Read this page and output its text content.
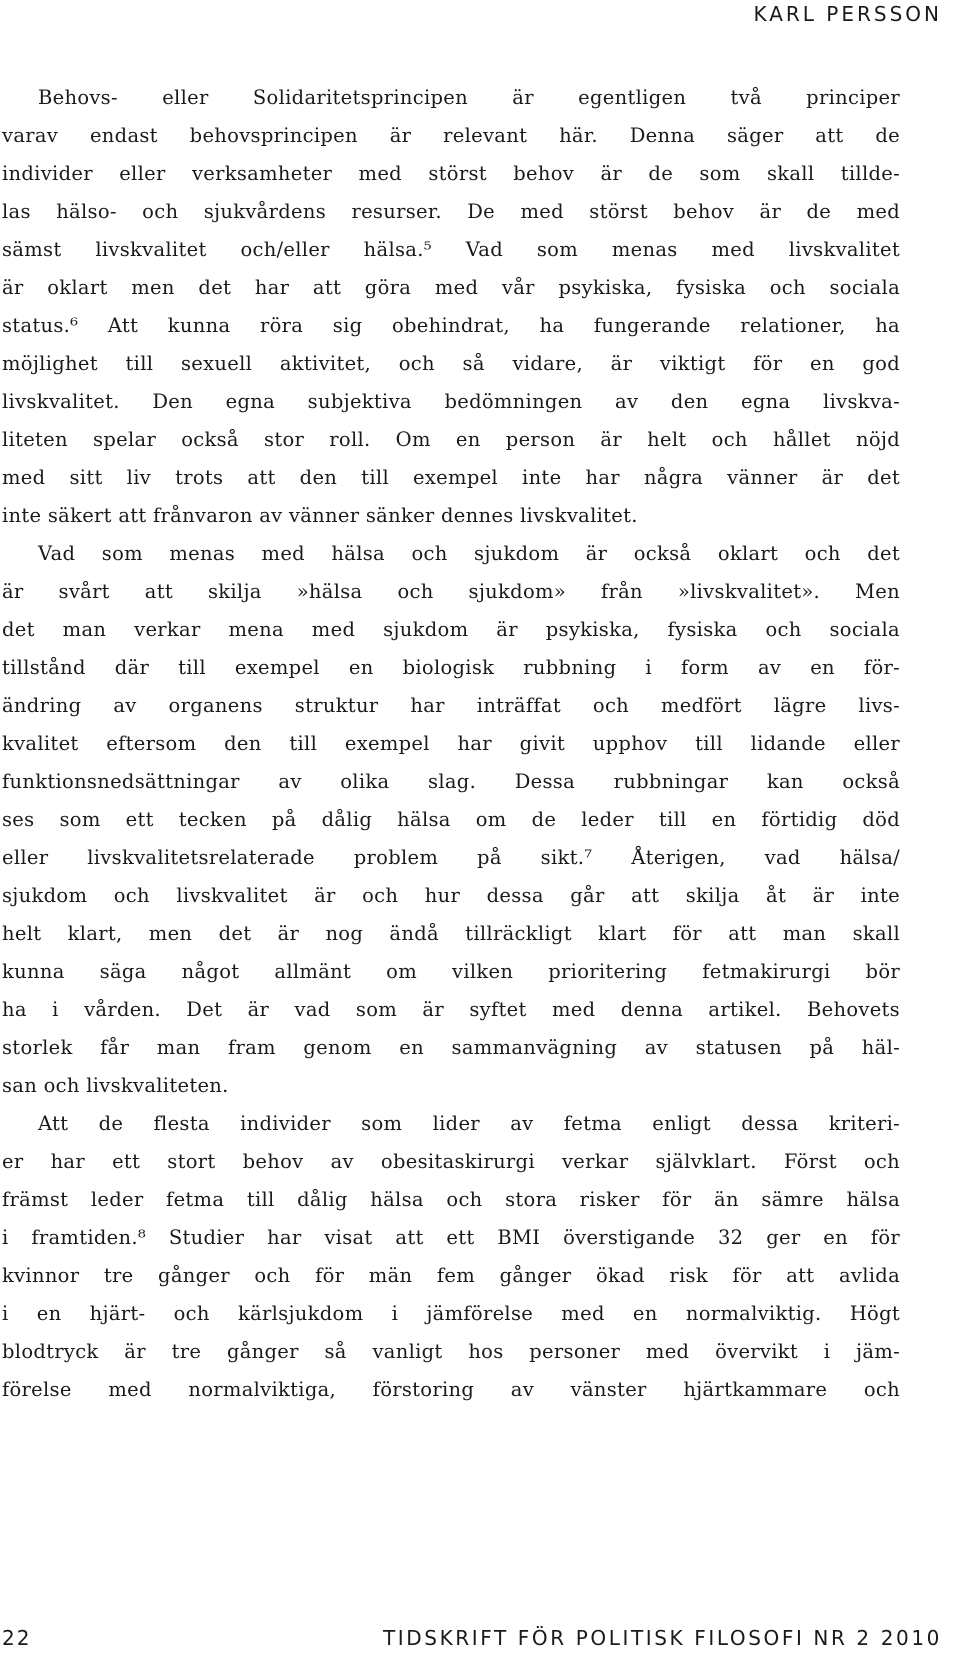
KARL PERSSON
Behovs- eller Solidaritetsprincipen är egentligen två principer
varav endast behovsprincipen är relevant här. Denna säger att de
individer eller verksamheter med störst behov är de som skall tillde-
las hälso- och sjukvårdens resurser. De med störst behov är de med
sämst livskvalitet och/eller hälsa.⁵ Vad som menas med livskvalitet
är oklart men det har att göra med vår psykiska, fysiska och sociala
status.⁶ Att kunna röra sig obehindrat, ha fungerande relationer, ha
möjlighet till sexuell aktivitet, och så vidare, är viktigt för en god
livskvalitet. Den egna subjektiva bedömningen av den egna livskva-
liteten spelar också stor roll. Om en person är helt och hållet nöjd
med sitt liv trots att den till exempel inte har några vänner är det
inte säkert att frånvaron av vänner sänker dennes livskvalitet.
Vad som menas med hälsa och sjukdom är också oklart och det
är svårt att skilja »hälsa och sjukdom» från »livskvalitet». Men
det man verkar mena med sjukdom är psykiska, fysiska och sociala
tillstånd där till exempel en biologisk rubbning i form av en för-
ändring av organens struktur har inträffat och medfört lägre livs-
kvalitet eftersom den till exempel har givit upphov till lidande eller
funktionsnedsättningar av olika slag. Dessa rubbningar kan också
ses som ett tecken på dålig hälsa om de leder till en förtidig död
eller livskvalitetsrelaterade problem på sikt.⁷ Återigen, vad hälsa/
sjukdom och livskvalitet är och hur dessa går att skilja åt är inte
helt klart, men det är nog ändå tillräckligt klart för att man skall
kunna säga något allmänt om vilken prioritering fetmakirurgi bör
ha i vården. Det är vad som är syftet med denna artikel. Behovets
storlek får man fram genom en sammanvägning av statusen på häl-
san och livskvaliteten.
Att de flesta individer som lider av fetma enligt dessa kriteri-
er har ett stort behov av obesitaskirurgi verkar självklart. Först och
främst leder fetma till dålig hälsa och stora risker för än sämre hälsa
i framtiden.⁸ Studier har visat att ett BMI överstigande 32 ger en för
kvinnor tre gånger och för män fem gånger ökad risk för att avlida
i en hjärt- och kärlsjukdom i jämförelse med en normalviktig. Högt
blodtryck är tre gånger så vanligt hos personer med övervikt i jäm-
förelse med normalviktiga, förstoring av vänster hjärtkammare och
22	TIDSKRIFT FÖR POLITISK FILOSOFI NR 2 2010
